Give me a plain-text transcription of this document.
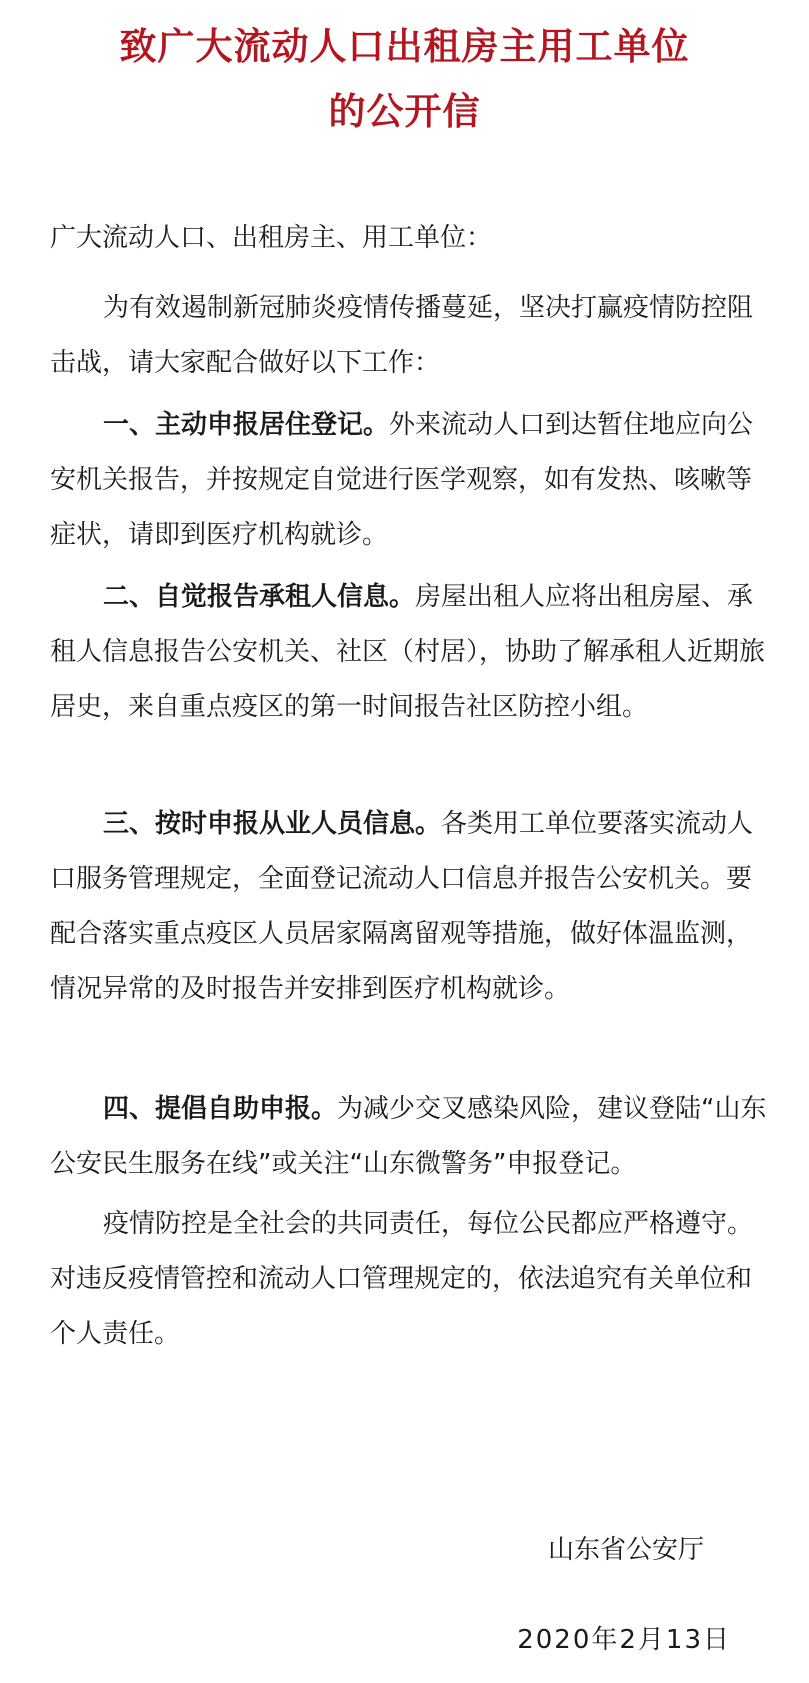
致广大流动人口出租房主用工单位
的公开信

广大流动人口、出租房主、用工单位：

为有效遏制新冠肺炎疫情传播蔓延，坚决打赢疫情防控阻击战，请大家配合做好以下工作：

一、主动申报居住登记。外来流动人口到达暂住地应向公安机关报告，并按规定自觉进行医学观察，如有发热、咳嗽等症状，请即到医疗机构就诊。

二、自觉报告承租人信息。房屋出租人应将出租房屋、承租人信息报告公安机关、社区（村居），协助了解承租人近期旅居史，来自重点疫区的第一时间报告社区防控小组。

三、按时申报从业人员信息。各类用工单位要落实流动人口服务管理规定，全面登记流动人口信息并报告公安机关。要配合落实重点疫区人员居家隔离留观等措施，做好体温监测，情况异常的及时报告并安排到医疗机构就诊。

四、提倡自助申报。为减少交叉感染风险，建议登陆“山东公安民生服务在线”或关注“山东微警务”申报登记。

疫情防控是全社会的共同责任，每位公民都应严格遵守。对违反疫情管控和流动人口管理规定的，依法追究有关单位和个人责任。

山东省公安厅

2020年2月13日
